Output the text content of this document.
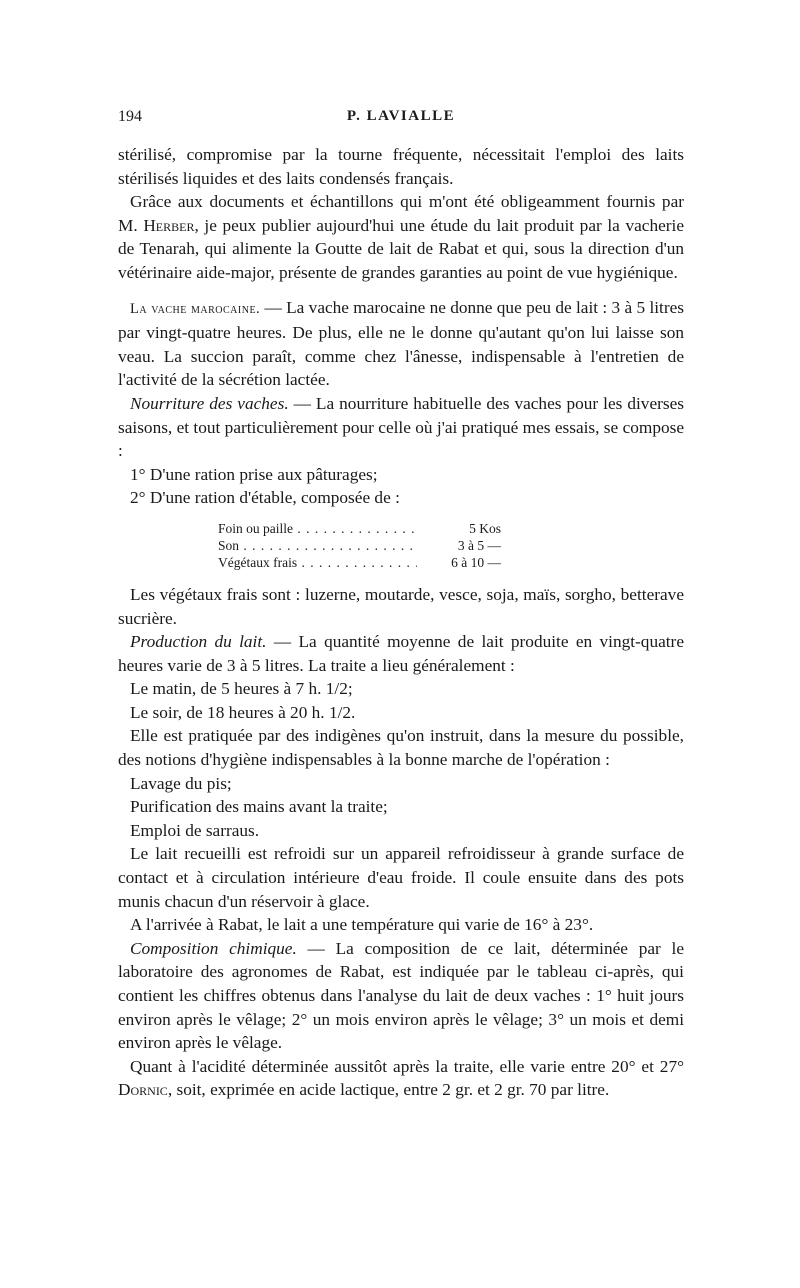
194	P. LAVIALLE

stérilisé, compromise par la tourne fréquente, nécessitait l'emploi des laits stérilisés liquides et des laits condensés français.

Grâce aux documents et échantillons qui m'ont été obligeamment fournis par M. Herber, je peux publier aujourd'hui une étude du lait produit par la vacherie de Tenarah, qui alimente la Goutte de lait de Rabat et qui, sous la direction d'un vétérinaire aide-major, présente de grandes garanties au point de vue hygiénique.

La vache marocaine. — La vache marocaine ne donne que peu de lait : 3 à 5 litres par vingt-quatre heures. De plus, elle ne le donne qu'autant qu'on lui laisse son veau. La succion paraît, comme chez l'ânesse, indispensable à l'entretien de l'activité de la sécrétion lactée.

Nourriture des vaches. — La nourriture habituelle des vaches pour les diverses saisons, et tout particulièrement pour celle où j'ai pratiqué mes essais, se compose :

1° D'une ration prise aux pâturages;

2° D'une ration d'étable, composée de :

Foin ou paille . . .	5 Kos
Son . . .	3 à 5 —
Végétaux frais . . .	6 à 10 —

Les végétaux frais sont : luzerne, moutarde, vesce, soja, maïs, sorgho, betterave sucrière.

Production du lait. — La quantité moyenne de lait produite en vingt-quatre heures varie de 3 à 5 litres. La traite a lieu généralement :

Le matin, de 5 heures à 7 h. 1/2;

Le soir, de 18 heures à 20 h. 1/2.

Elle est pratiquée par des indigènes qu'on instruit, dans la mesure du possible, des notions d'hygiène indispensables à la bonne marche de l'opération :

Lavage du pis;

Purification des mains avant la traite;

Emploi de sarraus.

Le lait recueilli est refroidi sur un appareil refroidisseur à grande surface de contact et à circulation intérieure d'eau froide. Il coule ensuite dans des pots munis chacun d'un réservoir à glace.

A l'arrivée à Rabat, le lait a une température qui varie de 16° à 23°.

Composition chimique. — La composition de ce lait, déterminée par le laboratoire des agronomes de Rabat, est indiquée par le tableau ci-après, qui contient les chiffres obtenus dans l'analyse du lait de deux vaches : 1° huit jours environ après le vêlage; 2° un mois environ après le vêlage; 3° un mois et demi environ après le vêlage.

Quant à l'acidité déterminée aussitôt après la traite, elle varie entre 20° et 27° Dornic, soit, exprimée en acide lactique, entre 2 gr. et 2 gr. 70 par litre.
